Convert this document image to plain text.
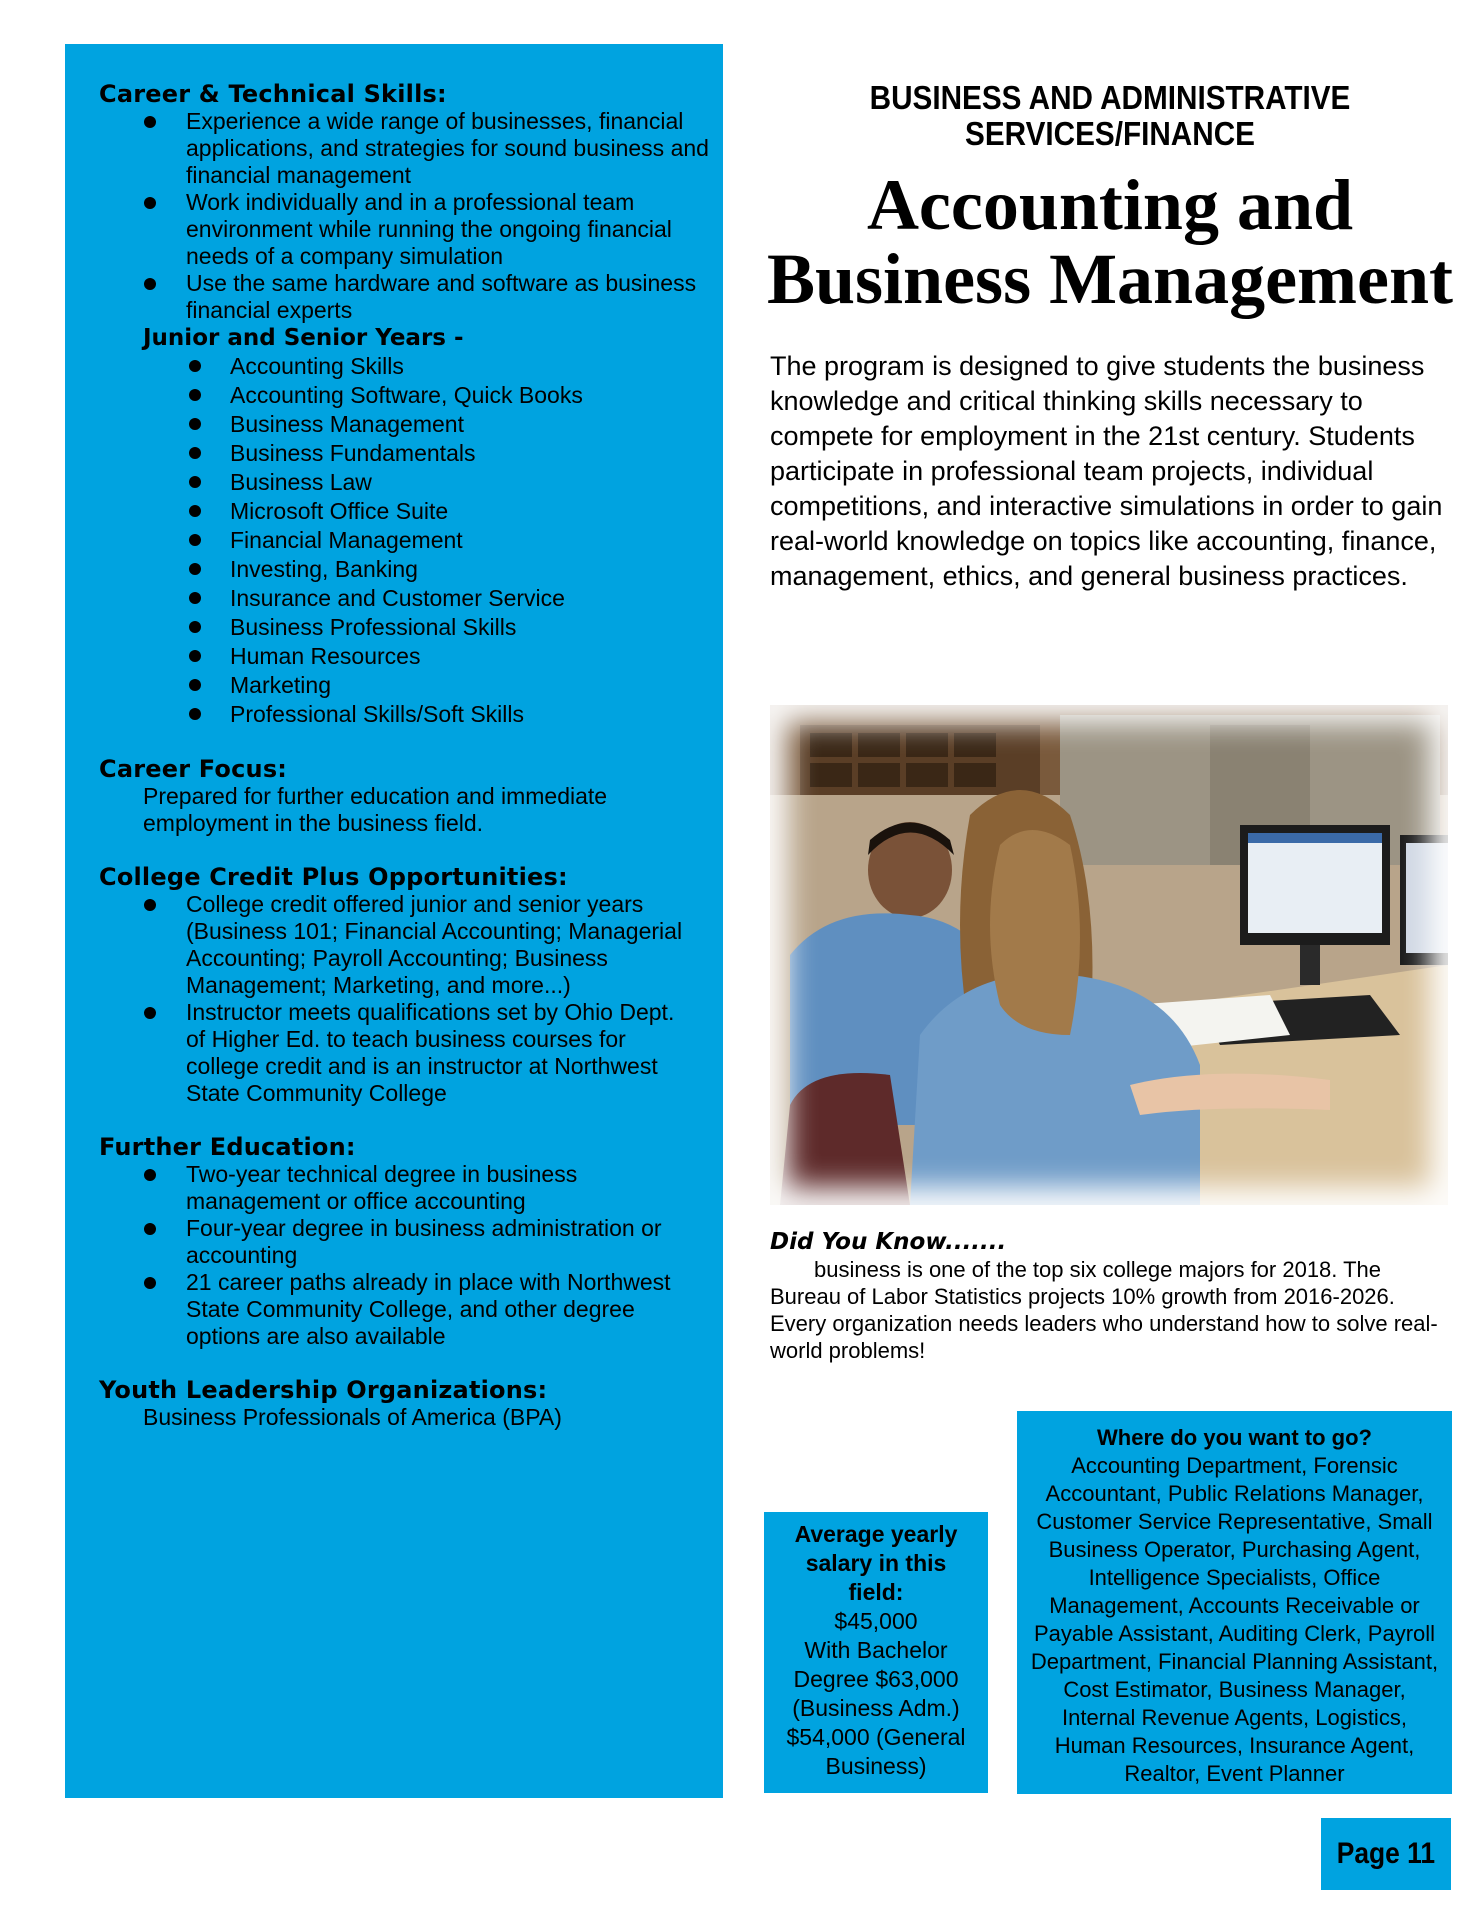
Career & Technical Skills:
Experience a wide range of businesses, financial applications, and strategies for sound business and financial management
Work individually and in a professional team environment while running the ongoing financial needs of a company simulation
Use the same hardware and software as business financial experts
Junior and Senior Years -
Accounting Skills
Accounting Software, Quick Books
Business Management
Business Fundamentals
Business Law
Microsoft Office Suite
Financial Management
Investing, Banking
Insurance and Customer Service
Business Professional Skills
Human Resources
Marketing
Professional Skills/Soft Skills
Career Focus:
Prepared for further education and immediate employment in the business field.
College Credit Plus Opportunities:
College credit offered junior and senior years (Business 101; Financial Accounting; Managerial Accounting; Payroll Accounting; Business Management; Marketing, and more...)
Instructor meets qualifications set by Ohio Dept. of Higher Ed. to teach business courses for college credit and is an instructor at Northwest State Community College
Further Education:
Two-year technical degree in business management or office accounting
Four-year degree in business administration or accounting
21 career paths already in place with Northwest State Community College, and other degree options are also available
Youth Leadership Organizations:
Business Professionals of America (BPA)
BUSINESS AND ADMINISTRATIVE
SERVICES/FINANCE
Accounting and
Business Management
The program is designed to give students the business knowledge and critical thinking skills necessary to compete for employment in the 21st century. Students participate in professional team projects, individual competitions, and interactive simulations in order to gain real-world knowledge on topics like accounting, finance, management, ethics, and general business practices.
Did You Know.......
business is one of the top six college majors for 2018. The Bureau of Labor Statistics projects 10% growth from 2016-2026. Every organization needs leaders who understand how to solve real-world problems!
Average yearly salary in this field:
$45,000
With Bachelor Degree $63,000 (Business Adm.) $54,000 (General Business)
Where do you want to go?
Accounting Department, Forensic Accountant, Public Relations Manager, Customer Service Representative, Small Business Operator, Purchasing Agent, Intelligence Specialists, Office Management, Accounts Receivable or Payable Assistant, Auditing Clerk, Payroll Department, Financial Planning Assistant, Cost Estimator, Business Manager, Internal Revenue Agents, Logistics, Human Resources, Insurance Agent, Realtor, Event Planner
Page 11
